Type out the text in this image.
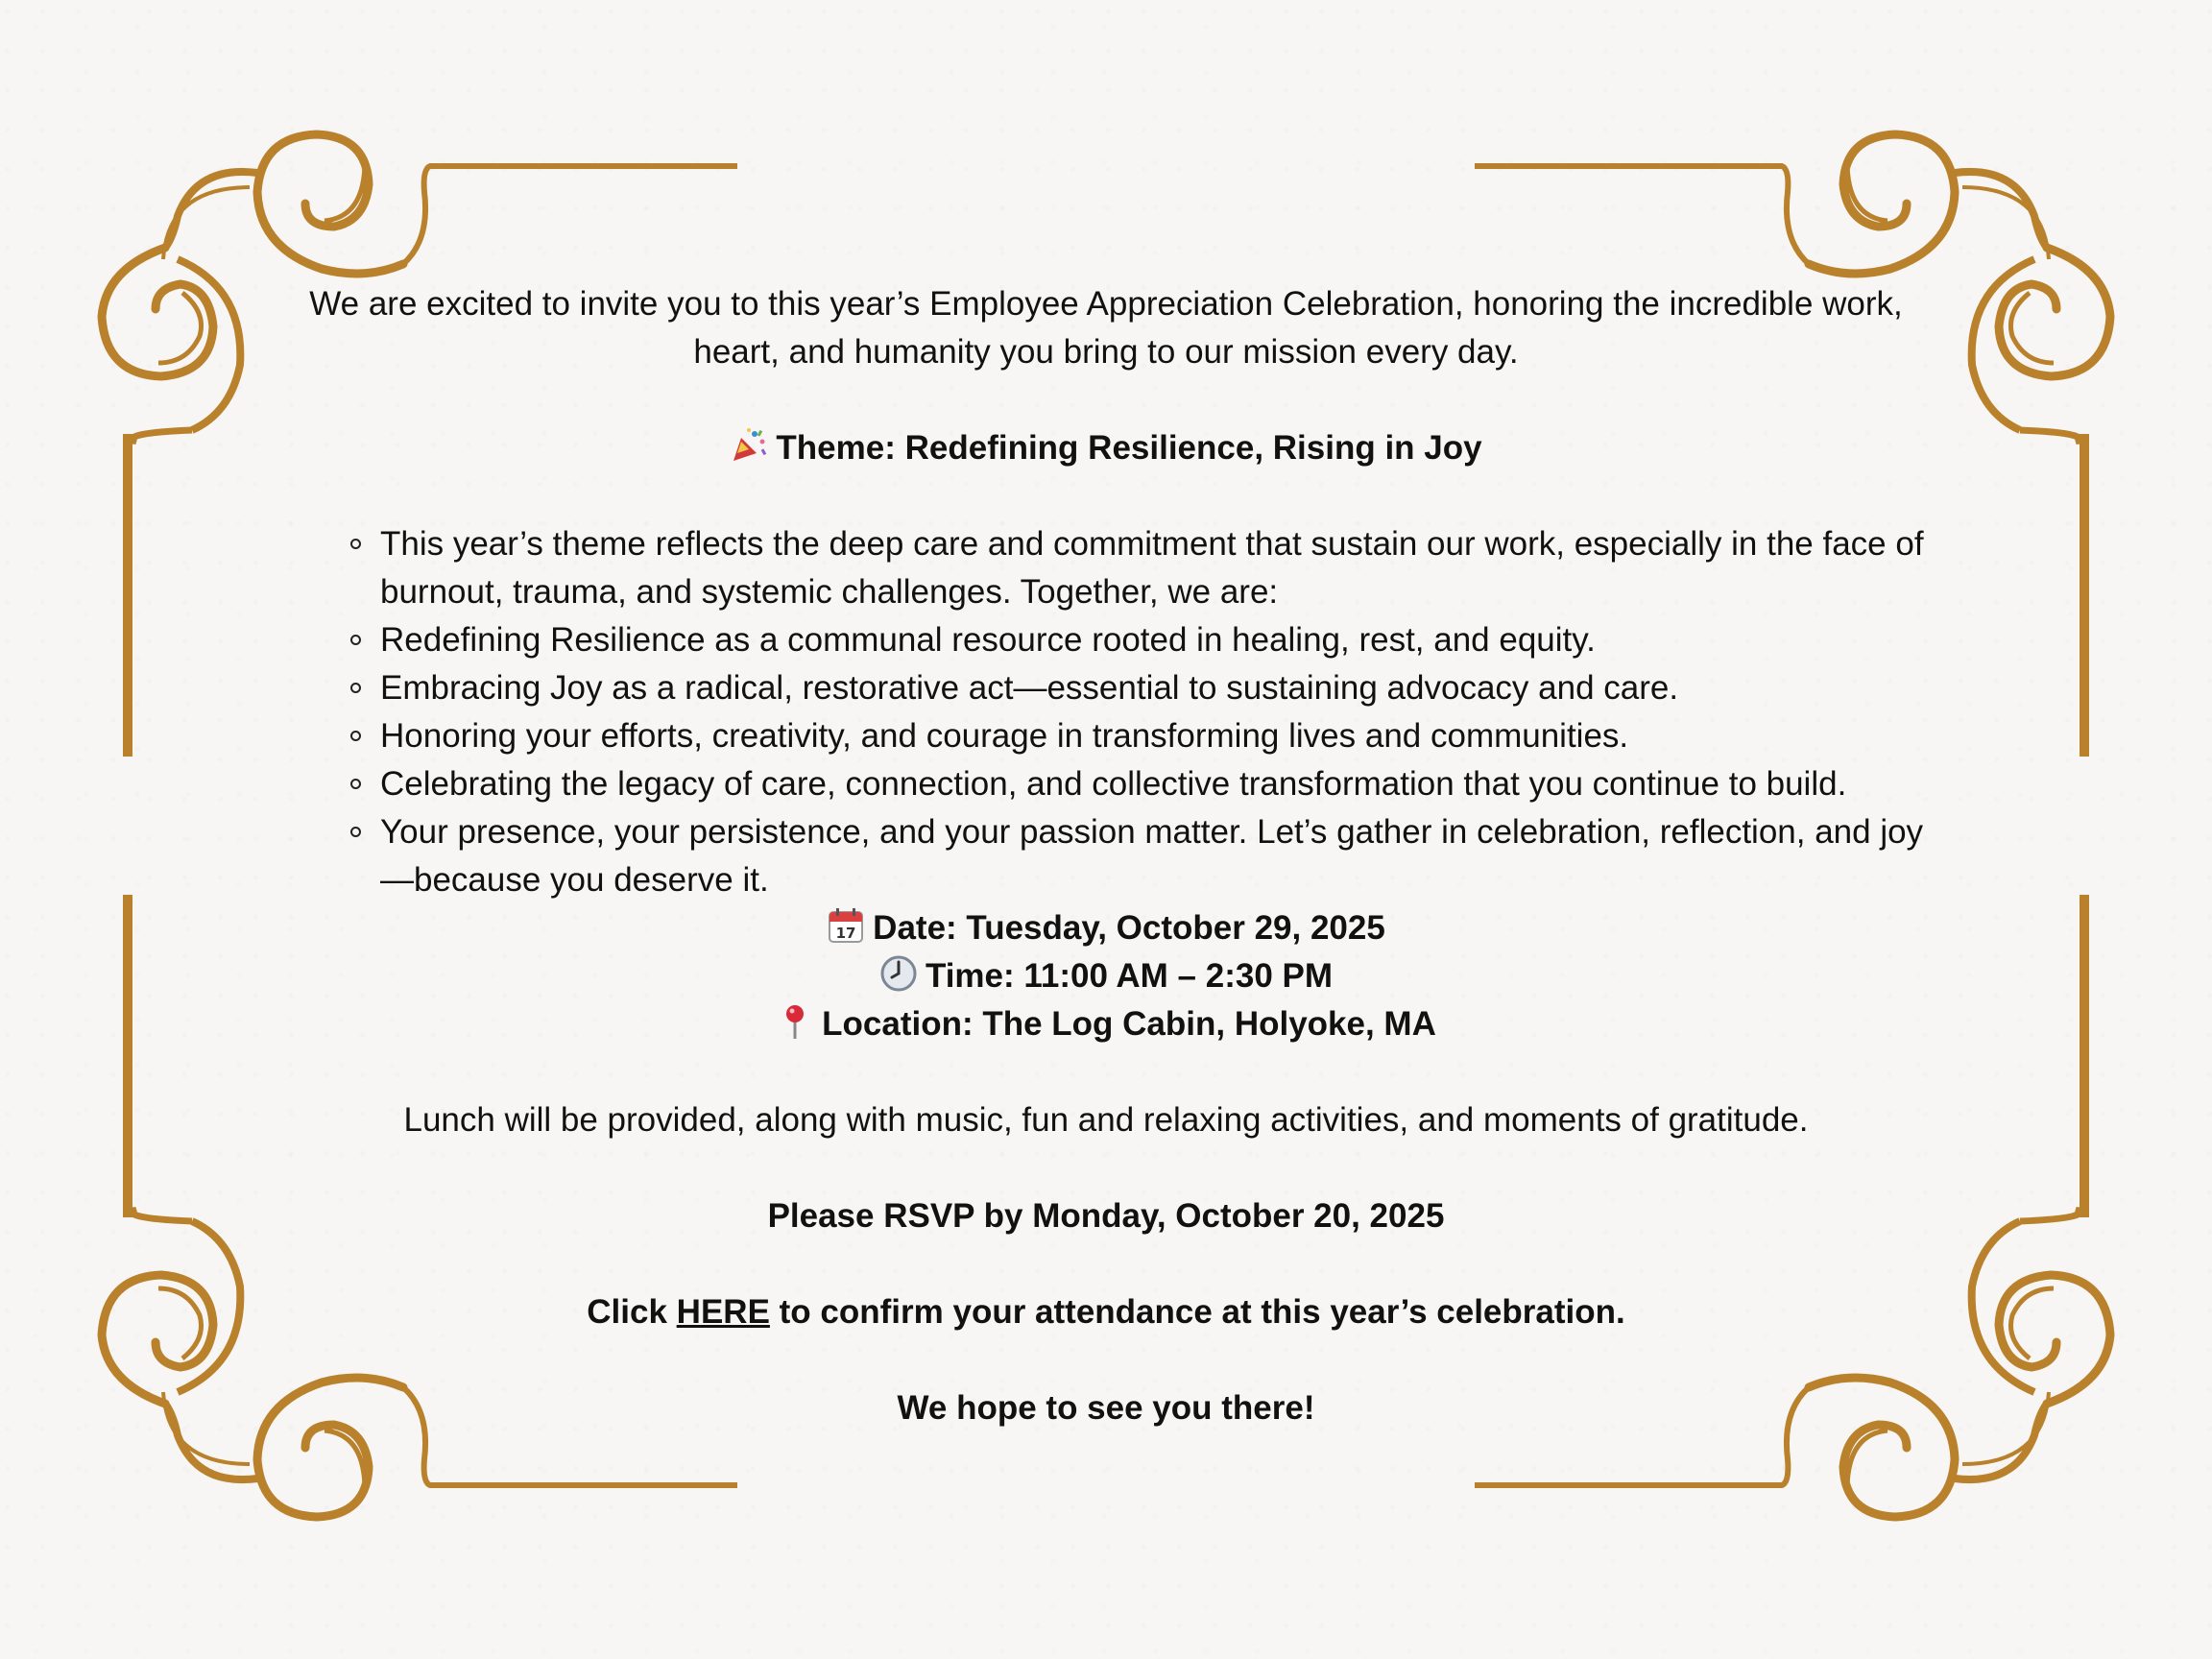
We are excited to invite you to this year’s Employee Appreciation Celebration, honoring the incredible work, heart, and humanity you bring to our mission every day.

Theme: Redefining Resilience, Rising in Joy

This year’s theme reflects the deep care and commitment that sustain our work, especially in the face of burnout, trauma, and systemic challenges. Together, we are:
Redefining Resilience as a communal resource rooted in healing, rest, and equity.
Embracing Joy as a radical, restorative act—essential to sustaining advocacy and care.
Honoring your efforts, creativity, and courage in transforming lives and communities.
Celebrating the legacy of care, connection, and collective transformation that you continue to build.
Your presence, your persistence, and your passion matter. Let’s gather in celebration, reflection, and joy—because you deserve it.

17 Date: Tuesday, October 29, 2025

Time: 11:00 AM – 2:30 PM

Location: The Log Cabin, Holyoke, MA

Lunch will be provided, along with music, fun and relaxing activities, and moments of gratitude.

Please RSVP by Monday, October 20, 2025

Click HERE to confirm your attendance at this year’s celebration.

We hope to see you there!
